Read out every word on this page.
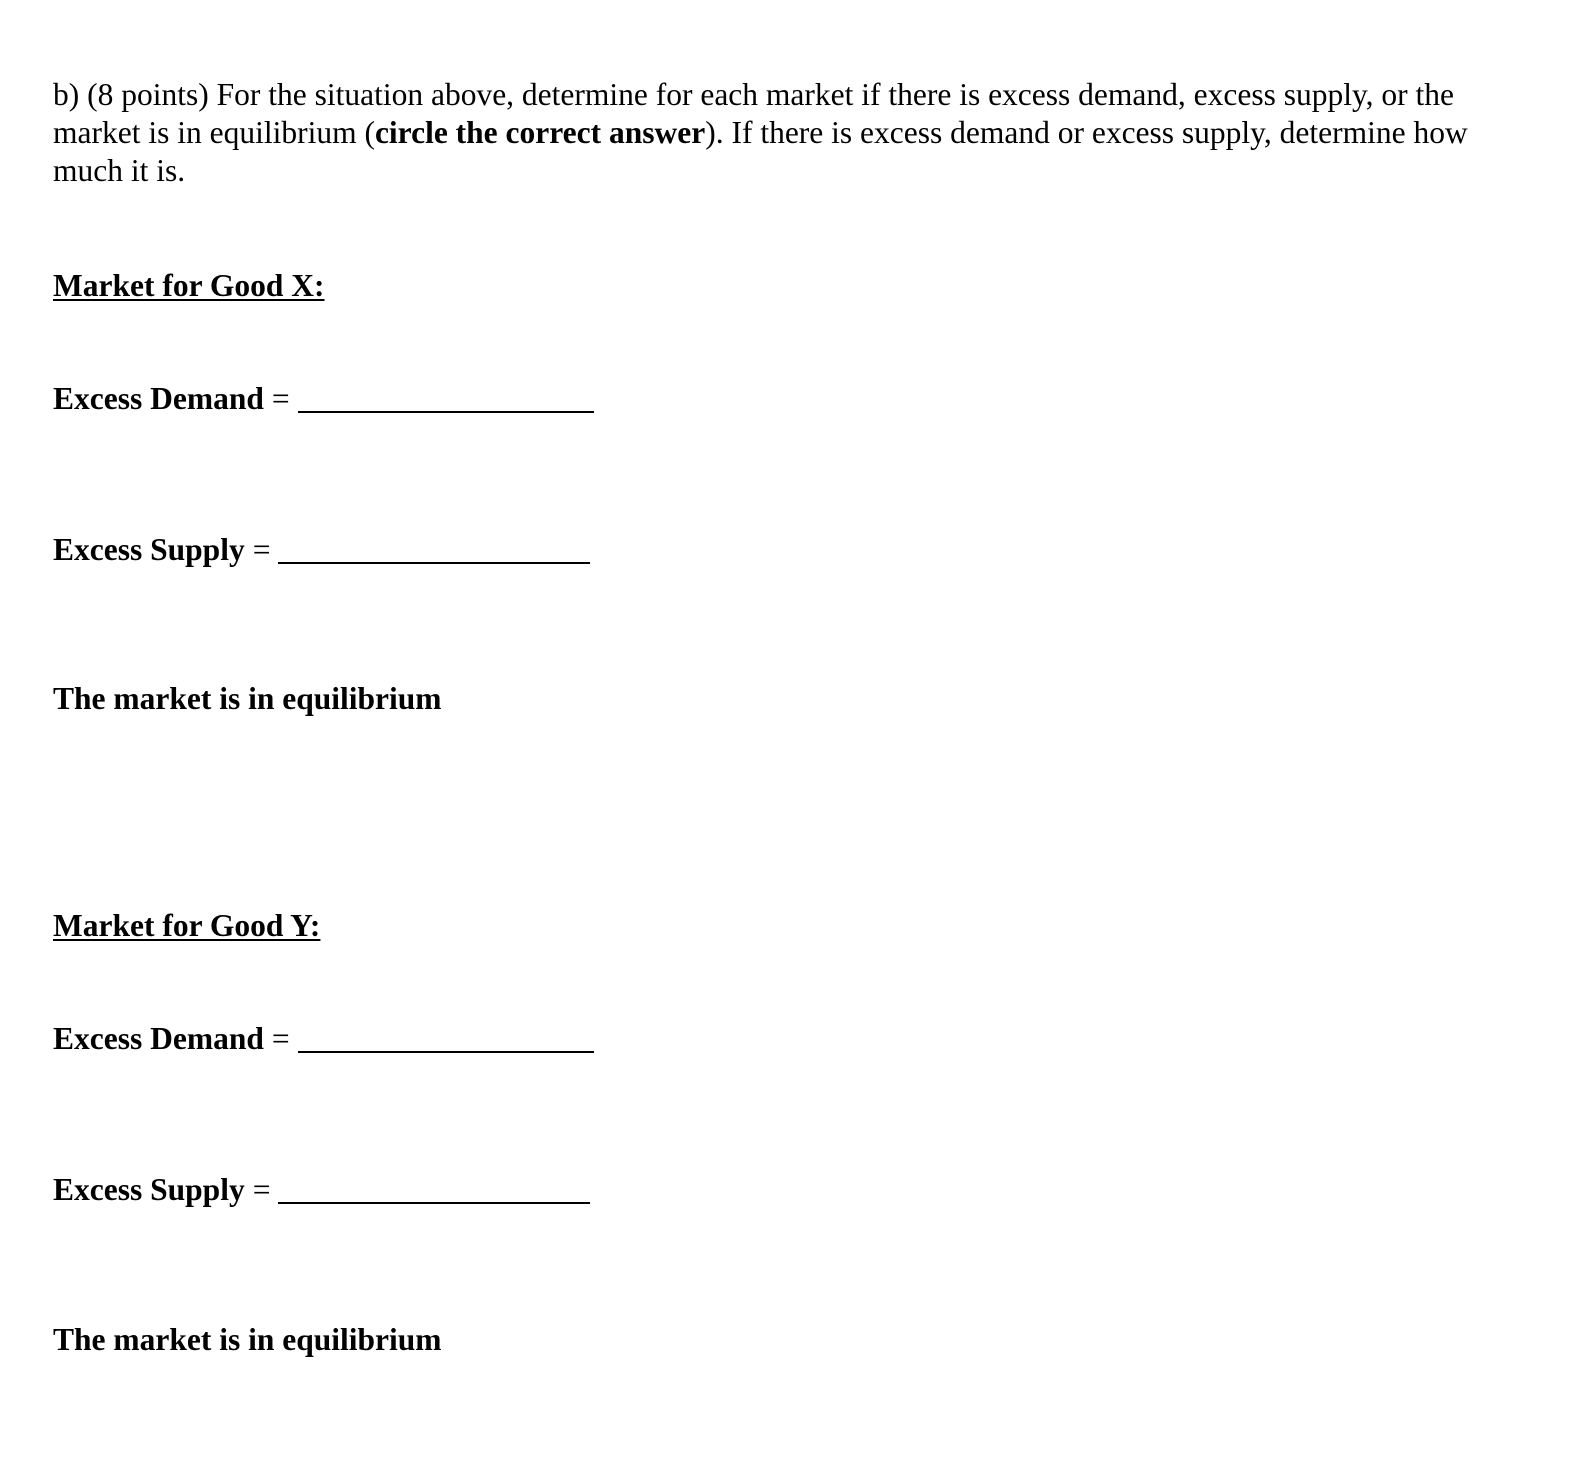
b) (8 points) For the situation above, determine for each market if there is excess demand, excess supply, or the market is in equilibrium (circle the correct answer). If there is excess demand or excess supply, determine how much it is.
Market for Good X:
Excess Demand =
Excess Supply =
The market is in equilibrium
Market for Good Y:
Excess Demand =
Excess Supply =
The market is in equilibrium
